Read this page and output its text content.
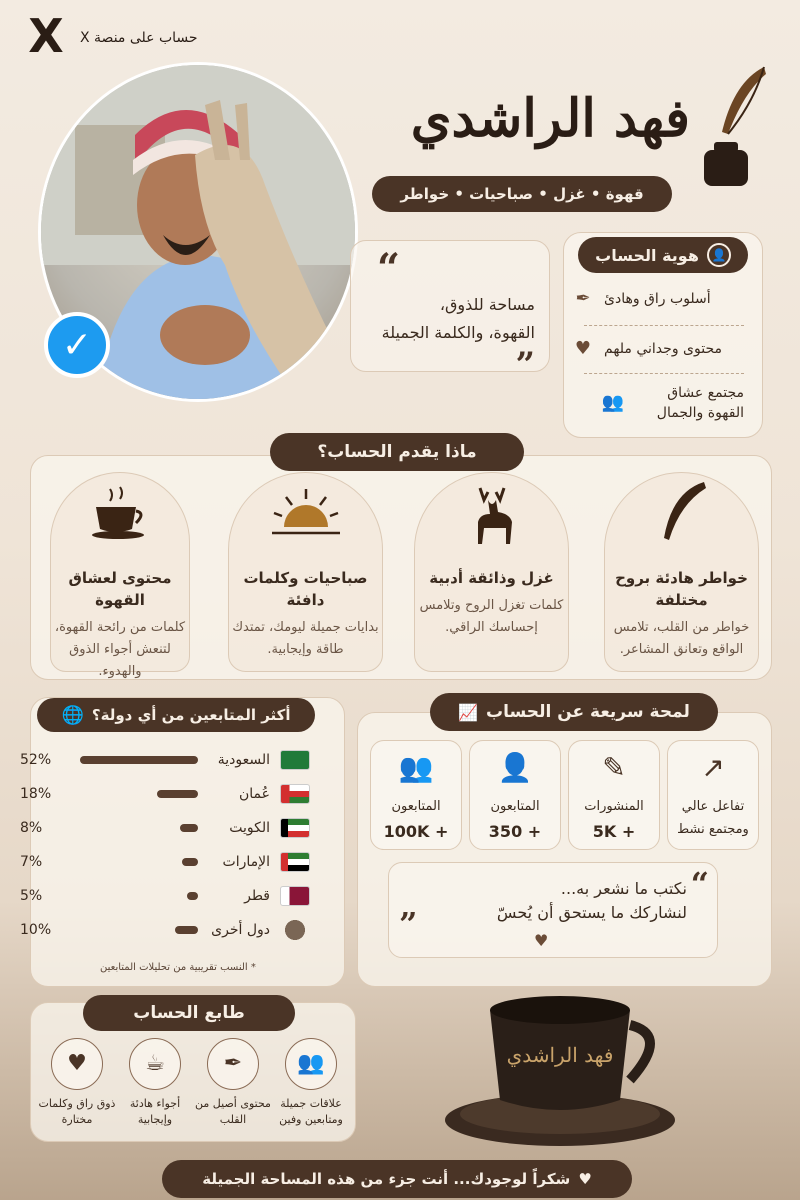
X	حساب على منصة X
✓
فهد الراشدي
قهوة • غزل • صباحيات • خواطر
“
مساحة للذوق،
القهوة، والكلمة الجميلة
”
👤
هوية الحساب
أسلوب راق وهادئ
✒
محتوى وجداني ملهم
♥
مجتمع عشاق القهوة والجمال
👥
ماذا يقدم الحساب؟
خواطر هادئة بروح مختلفة
خواطر من القلب، تلامس الواقع وتعانق المشاعر.
غزل وذائقة أدبية
كلمات تغزل الروح وتلامس إحساسك الراقي.
صباحيات وكلمات دافئة
بدايات جميلة ليومك، تمتدك طاقة وإيجابية.
محتوى لعشاق القهوة
كلمات من رائحة القهوة، لتنعش أجواء الذوق والهدوء.
أكثر المتابعين من أي دولة؟
🌐
السعودية
52%
عُمان
18%
الكويت
8%
الإمارات
7%
قطر
5%
دول أخرى
10%
* النسب تقريبية من تحليلات المتابعين
لمحة سريعة عن الحساب
📈
↗
تفاعل عالي
ومجتمع نشط
✎
المنشورات
+ 5K
👤
المتابعون
+ 350
👥
المتابعون
+ 100K
“
نكتب ما نشعر به...
لنشاركك ما يستحق أن يُحسّ
”	♥
طابع الحساب
👥
علاقات جميلة ومتابعين وفين
✒
محتوى أصيل من القلب
☕
أجواء هادئة وإيجابية
♥
ذوق راق وكلمات مختارة
فهد الراشدي
♥
شكراً لوجودك... أنت جزء من هذه المساحة الجميلة
